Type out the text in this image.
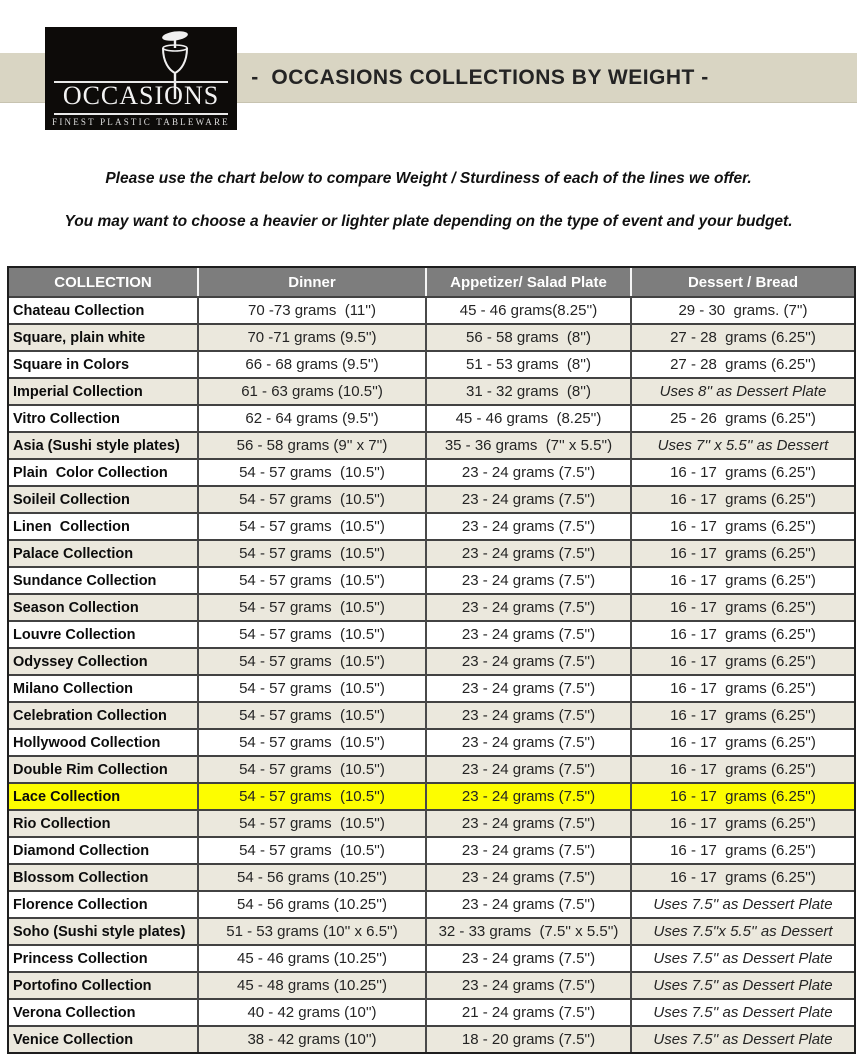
-  OCCASIONS COLLECTIONS BY WEIGHT -
OCCASIONS
FINEST PLASTIC TABLEWARE
Please use the chart below to compare Weight / Sturdiness of each of the lines we offer.
You may want to choose a heavier or lighter plate depending on the type of event and your budget.
COLLECTION	Dinner	Appetizer/ Salad Plate	Dessert / Bread
Chateau Collection	70 -73 grams  (11'')	45 - 46 grams(8.25'')	29 - 30  grams. (7'')
Square, plain white	70 -71 grams (9.5'')	56 - 58 grams  (8'')	27 - 28  grams (6.25'')
Square in Colors	66 - 68 grams (9.5'')	51 - 53 grams  (8'')	27 - 28  grams (6.25'')
Imperial Collection	61 - 63 grams (10.5'')	31 - 32 grams  (8'')	Uses 8'' as Dessert Plate
Vitro Collection	62 - 64 grams (9.5'')	45 - 46 grams  (8.25'')	25 - 26  grams (6.25'')
Asia (Sushi style plates)	56 - 58 grams (9'' x 7'')	35 - 36 grams  (7'' x 5.5'')	Uses 7'' x 5.5'' as Dessert
Plain  Color Collection	54 - 57 grams  (10.5'')	23 - 24 grams (7.5'')	16 - 17  grams (6.25'')
Soileil Collection	54 - 57 grams  (10.5'')	23 - 24 grams (7.5'')	16 - 17  grams (6.25'')
Linen  Collection	54 - 57 grams  (10.5'')	23 - 24 grams (7.5'')	16 - 17  grams (6.25'')
Palace Collection	54 - 57 grams  (10.5'')	23 - 24 grams (7.5'')	16 - 17  grams (6.25'')
Sundance Collection	54 - 57 grams  (10.5'')	23 - 24 grams (7.5'')	16 - 17  grams (6.25'')
Season Collection	54 - 57 grams  (10.5'')	23 - 24 grams (7.5'')	16 - 17  grams (6.25'')
Louvre Collection	54 - 57 grams  (10.5'')	23 - 24 grams (7.5'')	16 - 17  grams (6.25'')
Odyssey Collection	54 - 57 grams  (10.5'')	23 - 24 grams (7.5'')	16 - 17  grams (6.25'')
Milano Collection	54 - 57 grams  (10.5'')	23 - 24 grams (7.5'')	16 - 17  grams (6.25'')
Celebration Collection	54 - 57 grams  (10.5'')	23 - 24 grams (7.5'')	16 - 17  grams (6.25'')
Hollywood Collection	54 - 57 grams  (10.5'')	23 - 24 grams (7.5'')	16 - 17  grams (6.25'')
Double Rim Collection	54 - 57 grams  (10.5'')	23 - 24 grams (7.5'')	16 - 17  grams (6.25'')
Lace Collection	54 - 57 grams  (10.5'')	23 - 24 grams (7.5'')	16 - 17  grams (6.25'')
Rio Collection	54 - 57 grams  (10.5'')	23 - 24 grams (7.5'')	16 - 17  grams (6.25'')
Diamond Collection	54 - 57 grams  (10.5'')	23 - 24 grams (7.5'')	16 - 17  grams (6.25'')
Blossom Collection	54 - 56 grams (10.25'')	23 - 24 grams (7.5'')	16 - 17  grams (6.25'')
Florence Collection	54 - 56 grams (10.25'')	23 - 24 grams (7.5'')	Uses 7.5'' as Dessert Plate
Soho (Sushi style plates)	51 - 53 grams (10'' x 6.5'')	32 - 33 grams  (7.5'' x 5.5'')	Uses 7.5''x 5.5'' as Dessert
Princess Collection	45 - 46 grams (10.25'')	23 - 24 grams (7.5'')	Uses 7.5'' as Dessert Plate
Portofino Collection	45 - 48 grams (10.25'')	23 - 24 grams (7.5'')	Uses 7.5'' as Dessert Plate
Verona Collection	40 - 42 grams (10'')	21 - 24 grams (7.5'')	Uses 7.5'' as Dessert Plate
Venice Collection	38 - 42 grams (10'')	18 - 20 grams (7.5'')	Uses 7.5'' as Dessert Plate
